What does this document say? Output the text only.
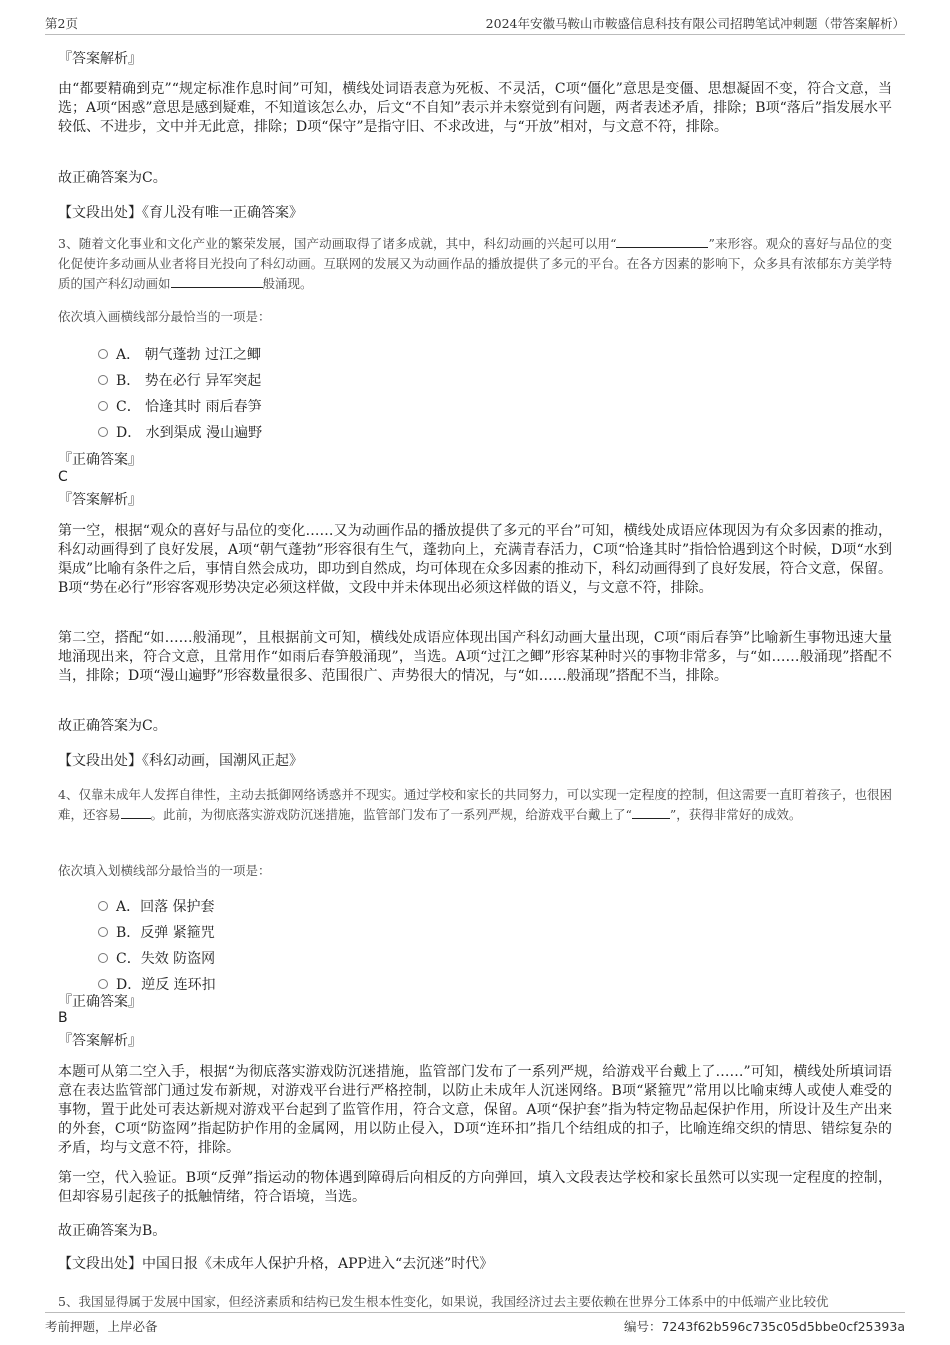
第2页	2024年安徽马鞍山市鞍盛信息科技有限公司招聘笔试冲刺题（带答案解析）
『答案解析』
由“都要精确到克”“规定标准作息时间”可知，横线处词语表意为死板、不灵活，C项“僵化”意思是变僵、思想凝固不变，符合文意，当选；A项“困惑”意思是感到疑难，不知道该怎么办，后文“不自知”表示并未察觉到有问题，两者表述矛盾，排除；B项“落后”指发展水平较低、不进步，文中并无此意，排除；D项“保守”是指守旧、不求改进，与“开放”相对，与文意不符，排除。
故正确答案为C。
【文段出处】《育儿没有唯一正确答案》
3、随着文化事业和文化产业的繁荣发展，国产动画取得了诸多成就，其中，科幻动画的兴起可以用“	”来形容。观众的喜好与品位的变化促使许多动画从业者将目光投向了科幻动画。互联网的发展又为动画作品的播放提供了多元的平台。在各方因素的影响下，众多具有浓郁东方美学特质的国产科幻动画如	般涌现。
依次填入画横线部分最恰当的一项是：
A． 朝气蓬勃 过江之鲫
B． 势在必行 异军突起
C． 恰逢其时 雨后春笋
D． 水到渠成 漫山遍野
『正确答案』
C
『答案解析』
第一空，根据“观众的喜好与品位的变化……又为动画作品的播放提供了多元的平台”可知，横线处成语应体现因为有众多因素的推动，科幻动画得到了良好发展，A项“朝气蓬勃”形容很有生气，蓬勃向上，充满青春活力，C项“恰逢其时”指恰恰遇到这个时候，D项“水到渠成”比喻有条件之后，事情自然会成功，即功到自然成，均可体现在众多因素的推动下，科幻动画得到了良好发展，符合文意，保留。B项“势在必行”形容客观形势决定必须这样做，文段中并未体现出必须这样做的语义，与文意不符，排除。
第二空，搭配“如……般涌现”，且根据前文可知，横线处成语应体现出国产科幻动画大量出现，C项“雨后春笋”比喻新生事物迅速大量地涌现出来，符合文意，且常用作“如雨后春笋般涌现”，当选。A项“过江之鲫”形容某种时兴的事物非常多，与“如……般涌现”搭配不当，排除；D项“漫山遍野”形容数量很多、范围很广、声势很大的情况，与“如……般涌现”搭配不当，排除。
故正确答案为C。
【文段出处】《科幻动画，国潮风正起》
4、仅靠未成年人发挥自律性，主动去抵御网络诱惑并不现实。通过学校和家长的共同努力，可以实现一定程度的控制，但这需要一直盯着孩子，也很困难，还容易 。此前，为彻底落实游戏防沉迷措施，监管部门发布了一系列严规，给游戏平台戴上了“	”，获得非常好的成效。
依次填入划横线部分最恰当的一项是：
A．回落 保护套
B．反弹 紧箍咒
C．失效 防盗网
D．逆反 连环扣
『正确答案』
B
『答案解析』
本题可从第二空入手，根据“为彻底落实游戏防沉迷措施，监管部门发布了一系列严规，给游戏平台戴上了……”可知，横线处所填词语意在表达监管部门通过发布新规，对游戏平台进行严格控制，以防止未成年人沉迷网络。B项“紧箍咒”常用以比喻束缚人或使人难受的事物，置于此处可表达新规对游戏平台起到了监管作用，符合文意，保留。A项“保护套”指为特定物品起保护作用，所设计及生产出来的外套，C项“防盗网”指起防护作用的金属网，用以防止侵入，D项“连环扣”指几个结组成的扣子，比喻连绵交织的情思、错综复杂的矛盾，均与文意不符，排除。
第一空，代入验证。B项“反弹”指运动的物体遇到障碍后向相反的方向弹回，填入文段表达学校和家长虽然可以实现一定程度的控制，但却容易引起孩子的抵触情绪，符合语境，当选。
故正确答案为B。
【文段出处】中国日报《未成年人保护升格，APP进入“去沉迷”时代》
5、我国显得属于发展中国家，但经济素质和结构已发生根本性变化，如果说，我国经济过去主要依赖在世界分工体系中的中低端产业比较优
考前押题，上岸必备	编号：7243f62b596c735c05d5bbe0cf25393a
